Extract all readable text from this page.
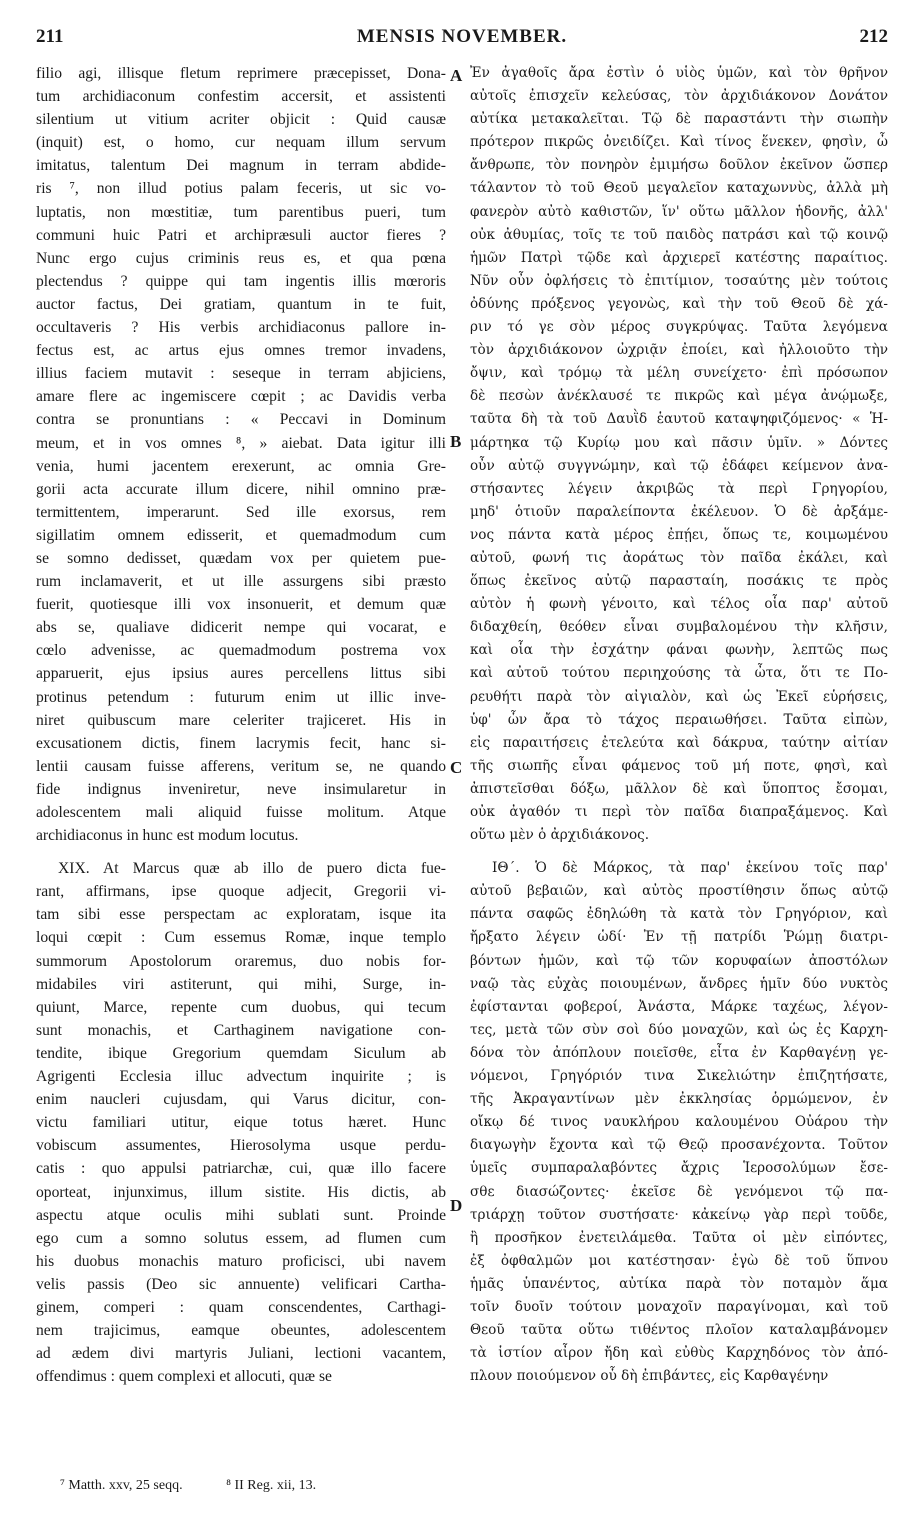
211	MENSIS NOVEMBER.	212
filio agi, illisque fletum reprimere præcepisset, Dona-
tum archidiaconum confestim accersit, et assistenti
silentium ut vitium acriter objicit : Quid causæ
(inquit) est, o homo, cur nequam illum servum
imitatus, talentum Dei magnum in terram abdide-
ris ⁷, non illud potius palam feceris, ut sic vo-
luptatis, non mœstitiæ, tum parentibus pueri, tum
communi huic Patri et archipræsuli auctor fieres ?
Nunc ergo cujus criminis reus es, et qua pœna
plectendus ? quippe qui tam ingentis illis mœroris
auctor factus, Dei gratiam, quantum in te fuit,
occultaveris ? His verbis archidiaconus pallore in-
fectus est, ac artus ejus omnes tremor invadens,
illius faciem mutavit : seseque in terram abjiciens,
amare flere ac ingemiscere cœpit ; ac Davidis verba
contra se pronuntians : « Peccavi in Dominum
meum, et in vos omnes ⁸, » aiebat. Data igitur illi
venia, humi jacentem erexerunt, ac omnia Gre-
gorii acta accurate illum dicere, nihil omnino præ-
termittentem, imperarunt. Sed ille exorsus, rem
sigillatim omnem edisserit, et quemadmodum cum
se somno dedisset, quædam vox per quietem pue-
rum inclamaverit, et ut ille assurgens sibi præsto
fuerit, quotiesque illi vox insonuerit, et demum quæ
abs se, qualiave didicerit nempe qui vocarat, e
cœlo advenisse, ac quemadmodum postrema vox
apparuerit, ejus ipsius aures percellens littus sibi
protinus petendum : futurum enim ut illic inve-
niret quibuscum mare celeriter trajiceret. His in
excusationem dictis, finem lacrymis fecit, hanc si-
lentii causam fuisse afferens, veritum se, ne quando
fide indignus inveniretur, neve insimularetur in
adolescentem mali aliquid fuisse molitum. Atque
archidiaconus in hunc est modum locutus.
XIX. At Marcus quæ ab illo de puero dicta fue-
rant, affirmans, ipse quoque adjecit, Gregorii vi-
tam sibi esse perspectam ac exploratam, isque ita
loqui cœpit : Cum essemus Romæ, inque templo
summorum Apostolorum oraremus, duo nobis for-
midabiles viri astiterunt, qui mihi, Surge, in-
quiunt, Marce, repente cum duobus, qui tecum
sunt monachis, et Carthaginem navigatione con-
tendite, ibique Gregorium quemdam Siculum ab
Agrigenti Ecclesia illuc advectum inquirite ; is
enim naucleri cujusdam, qui Varus dicitur, con-
victu familiari utitur, eique totus hæret. Hunc
vobiscum assumentes, Hierosolyma usque perdu-
catis : quo appulsi patriarchæ, cui, quæ illo facere
oporteat, injunximus, illum sistite. His dictis, ab
aspectu atque oculis mihi sublati sunt. Proinde
ego cum a somno solutus essem, ad flumen cum
his duobus monachis maturo proficisci, ubi navem
velis passis (Deo sic annuente) velificari Cartha-
ginem, comperi : quam conscendentes, Carthagi-
nem trajicimus, eamque obeuntes, adolescentem
ad ædem divi martyris Juliani, lectioni vacantem,
offendimus : quem complexi et allocuti, quæ se
Ἐν ἀγαθοῖς ἄρα ἐστὶν ὁ υἱὸς ὑμῶν, καὶ τὸν θρῆνον
αὐτοῖς ἐπισχεῖν κελεύσας, τὸν ἀρχιδιάκονον Δονάτον
αὐτίκα μετακαλεῖται. Τῷ δὲ παραστάντι τὴν σιωπὴν
πρότερον πικρῶς ὀνειδίζει. Καὶ τίνος ἕνεκεν, φησὶν, ὦ
ἄνθρωπε, τὸν πονηρὸν ἐμιμήσω δοῦλον ἐκεῖνον ὥσπερ
τάλαντον τὸ τοῦ Θεοῦ μεγαλεῖον καταχωννὺς, ἀλλὰ μὴ
φανερὸν αὐτὸ καθιστῶν, ἵν' οὕτω μᾶλλον ἡδονῆς, ἀλλ'
οὐκ ἀθυμίας, τοῖς τε τοῦ παιδὸς πατράσι καὶ τῷ κοινῷ
ἡμῶν Πατρὶ τῷδε καὶ ἀρχιερεῖ κατέστης παραίτιος.
Νῦν οὖν ὀφλήσεις τὸ ἐπιτίμιον, τοσαύτης μὲν τούτοις
ὀδύνης πρόξενος γεγονὼς, καὶ τὴν τοῦ Θεοῦ δὲ χά-
ριν τό γε σὸν μέρος συγκρύψας. Ταῦτα λεγόμενα
τὸν ἀρχιδιάκονον ὠχριᾷν ἐποίει, καὶ ἠλλοιοῦτο τὴν
ὄψιν, καὶ τρόμῳ τὰ μέλη συνείχετο· ἐπὶ πρόσωπον
δὲ πεσὼν ἀνέκλαυσέ τε πικρῶς καὶ μέγα ἀνῴμωξε,
ταῦτα δὴ τὰ τοῦ Δαυῒδ ἑαυτοῦ καταψηφιζόμενος· « Ἡ-
μάρτηκα τῷ Κυρίῳ μου καὶ πᾶσιν ὑμῖν. » Δόντες
οὖν αὐτῷ συγγνώμην, καὶ τῷ ἐδάφει κείμενον ἀνα-
στήσαντες λέγειν ἀκριβῶς τὰ περὶ Γρηγορίου,
μηδ' ὁτιοῦν παραλείποντα ἐκέλευον. Ὁ δὲ ἀρξάμε-
νος πάντα κατὰ μέρος ἐπῄει, ὅπως τε, κοιμωμένου
αὐτοῦ, φωνή τις ἀοράτως τὸν παῖδα ἐκάλει, καὶ
ὅπως ἐκεῖνος αὐτῷ παρασταίη, ποσάκις τε πρὸς
αὐτὸν ἡ φωνὴ γένοιτο, καὶ τέλος οἷα παρ' αὐτοῦ
διδαχθείη, θεόθεν εἶναι συμβαλομένου τὴν κλῆσιν,
καὶ οἷα τὴν ἐσχάτην φάναι φωνὴν, λεπτῶς πως
καὶ αὐτοῦ τούτου περιηχούσης τὰ ὦτα, ὅτι τε Πο-
ρευθήτι παρὰ τὸν αἰγιαλὸν, καὶ ὡς Ἐκεῖ εὑρήσεις,
ὑφ' ὧν ἄρα τὸ τάχος περαιωθήσει. Ταῦτα εἰπὼν,
εἰς παραιτήσεις ἐτελεύτα καὶ δάκρυα, ταύτην αἰτίαν
τῆς σιωπῆς εἶναι φάμενος τοῦ μή ποτε, φησὶ, καὶ
ἀπιστεῖσθαι δόξω, μᾶλλον δὲ καὶ ὕποπτος ἔσομαι,
οὐκ ἀγαθόν τι περὶ τὸν παῖδα διαπραξάμενος. Καὶ
οὕτω μὲν ὁ ἀρχιδιάκονος.
ΙΘ΄. Ὁ δὲ Μάρκος, τὰ παρ' ἐκείνου τοῖς παρ'
αὐτοῦ βεβαιῶν, καὶ αὐτὸς προστίθησιν ὅπως αὐτῷ
πάντα σαφῶς ἐδηλώθη τὰ κατὰ τὸν Γρηγόριον, καὶ
ἤρξατο λέγειν ὡδί· Ἐν τῇ πατρίδι Ῥώμῃ διατρι-
βόντων ἡμῶν, καὶ τῷ τῶν κορυφαίων ἀποστόλων
ναῷ τὰς εὐχὰς ποιουμένων, ἄνδρες ἡμῖν δύο νυκτὸς
ἐφίστανται φοβεροί, Ἀνάστα, Μάρκε ταχέως, λέγον-
τες, μετὰ τῶν σὺν σοὶ δύο μοναχῶν, καὶ ὡς ἐς Καρχη-
δόνα τὸν ἀπόπλουν ποιεῖσθε, εἶτα ἐν Καρθαγένῃ γε-
νόμενοι, Γρηγόριόν τινα Σικελιώτην ἐπιζητήσατε,
τῆς Ἀκραγαντίνων μὲν ἐκκλησίας ὁρμώμενον, ἐν
οἴκῳ δέ τινος ναυκλήρου καλουμένου Οὐάρου τὴν
διαγωγὴν ἔχοντα καὶ τῷ Θεῷ προσανέχοντα. Τοῦτον
ὑμεῖς συμπαραλαβόντες ἄχρις Ἱεροσολύμων ἔσε-
σθε διασώζοντες· ἐκεῖσε δὲ γενόμενοι τῷ πα-
τριάρχῃ τοῦτον συστήσατε· κἀκείνῳ γὰρ περὶ τοῦδε,
ἢ προσῆκον ἐνετειλάμεθα. Ταῦτα οἱ μὲν εἰπόντες,
ἐξ ὀφθαλμῶν μοι κατέστησαν· ἐγὼ δὲ τοῦ ὕπνου
ἡμᾶς ὑπανέντος, αὐτίκα παρὰ τὸν ποταμὸν ἅμα
τοῖν δυοῖν τούτοιν μοναχοῖν παραγίνομαι, καὶ τοῦ
Θεοῦ ταῦτα οὕτω τιθέντος πλοῖον καταλαμβάνομεν
τὰ ἱστίον αἶρον ἤδη καὶ εὐθὺς Καρχηδόνος τὸν ἀπό-
πλουν ποιούμενον οὗ δὴ ἐπιβάντες, εἰς Καρθαγένην
A
B
C
D
⁷ Matth. xxv, 25 seqq.	⁸ II Reg. xii, 13.
